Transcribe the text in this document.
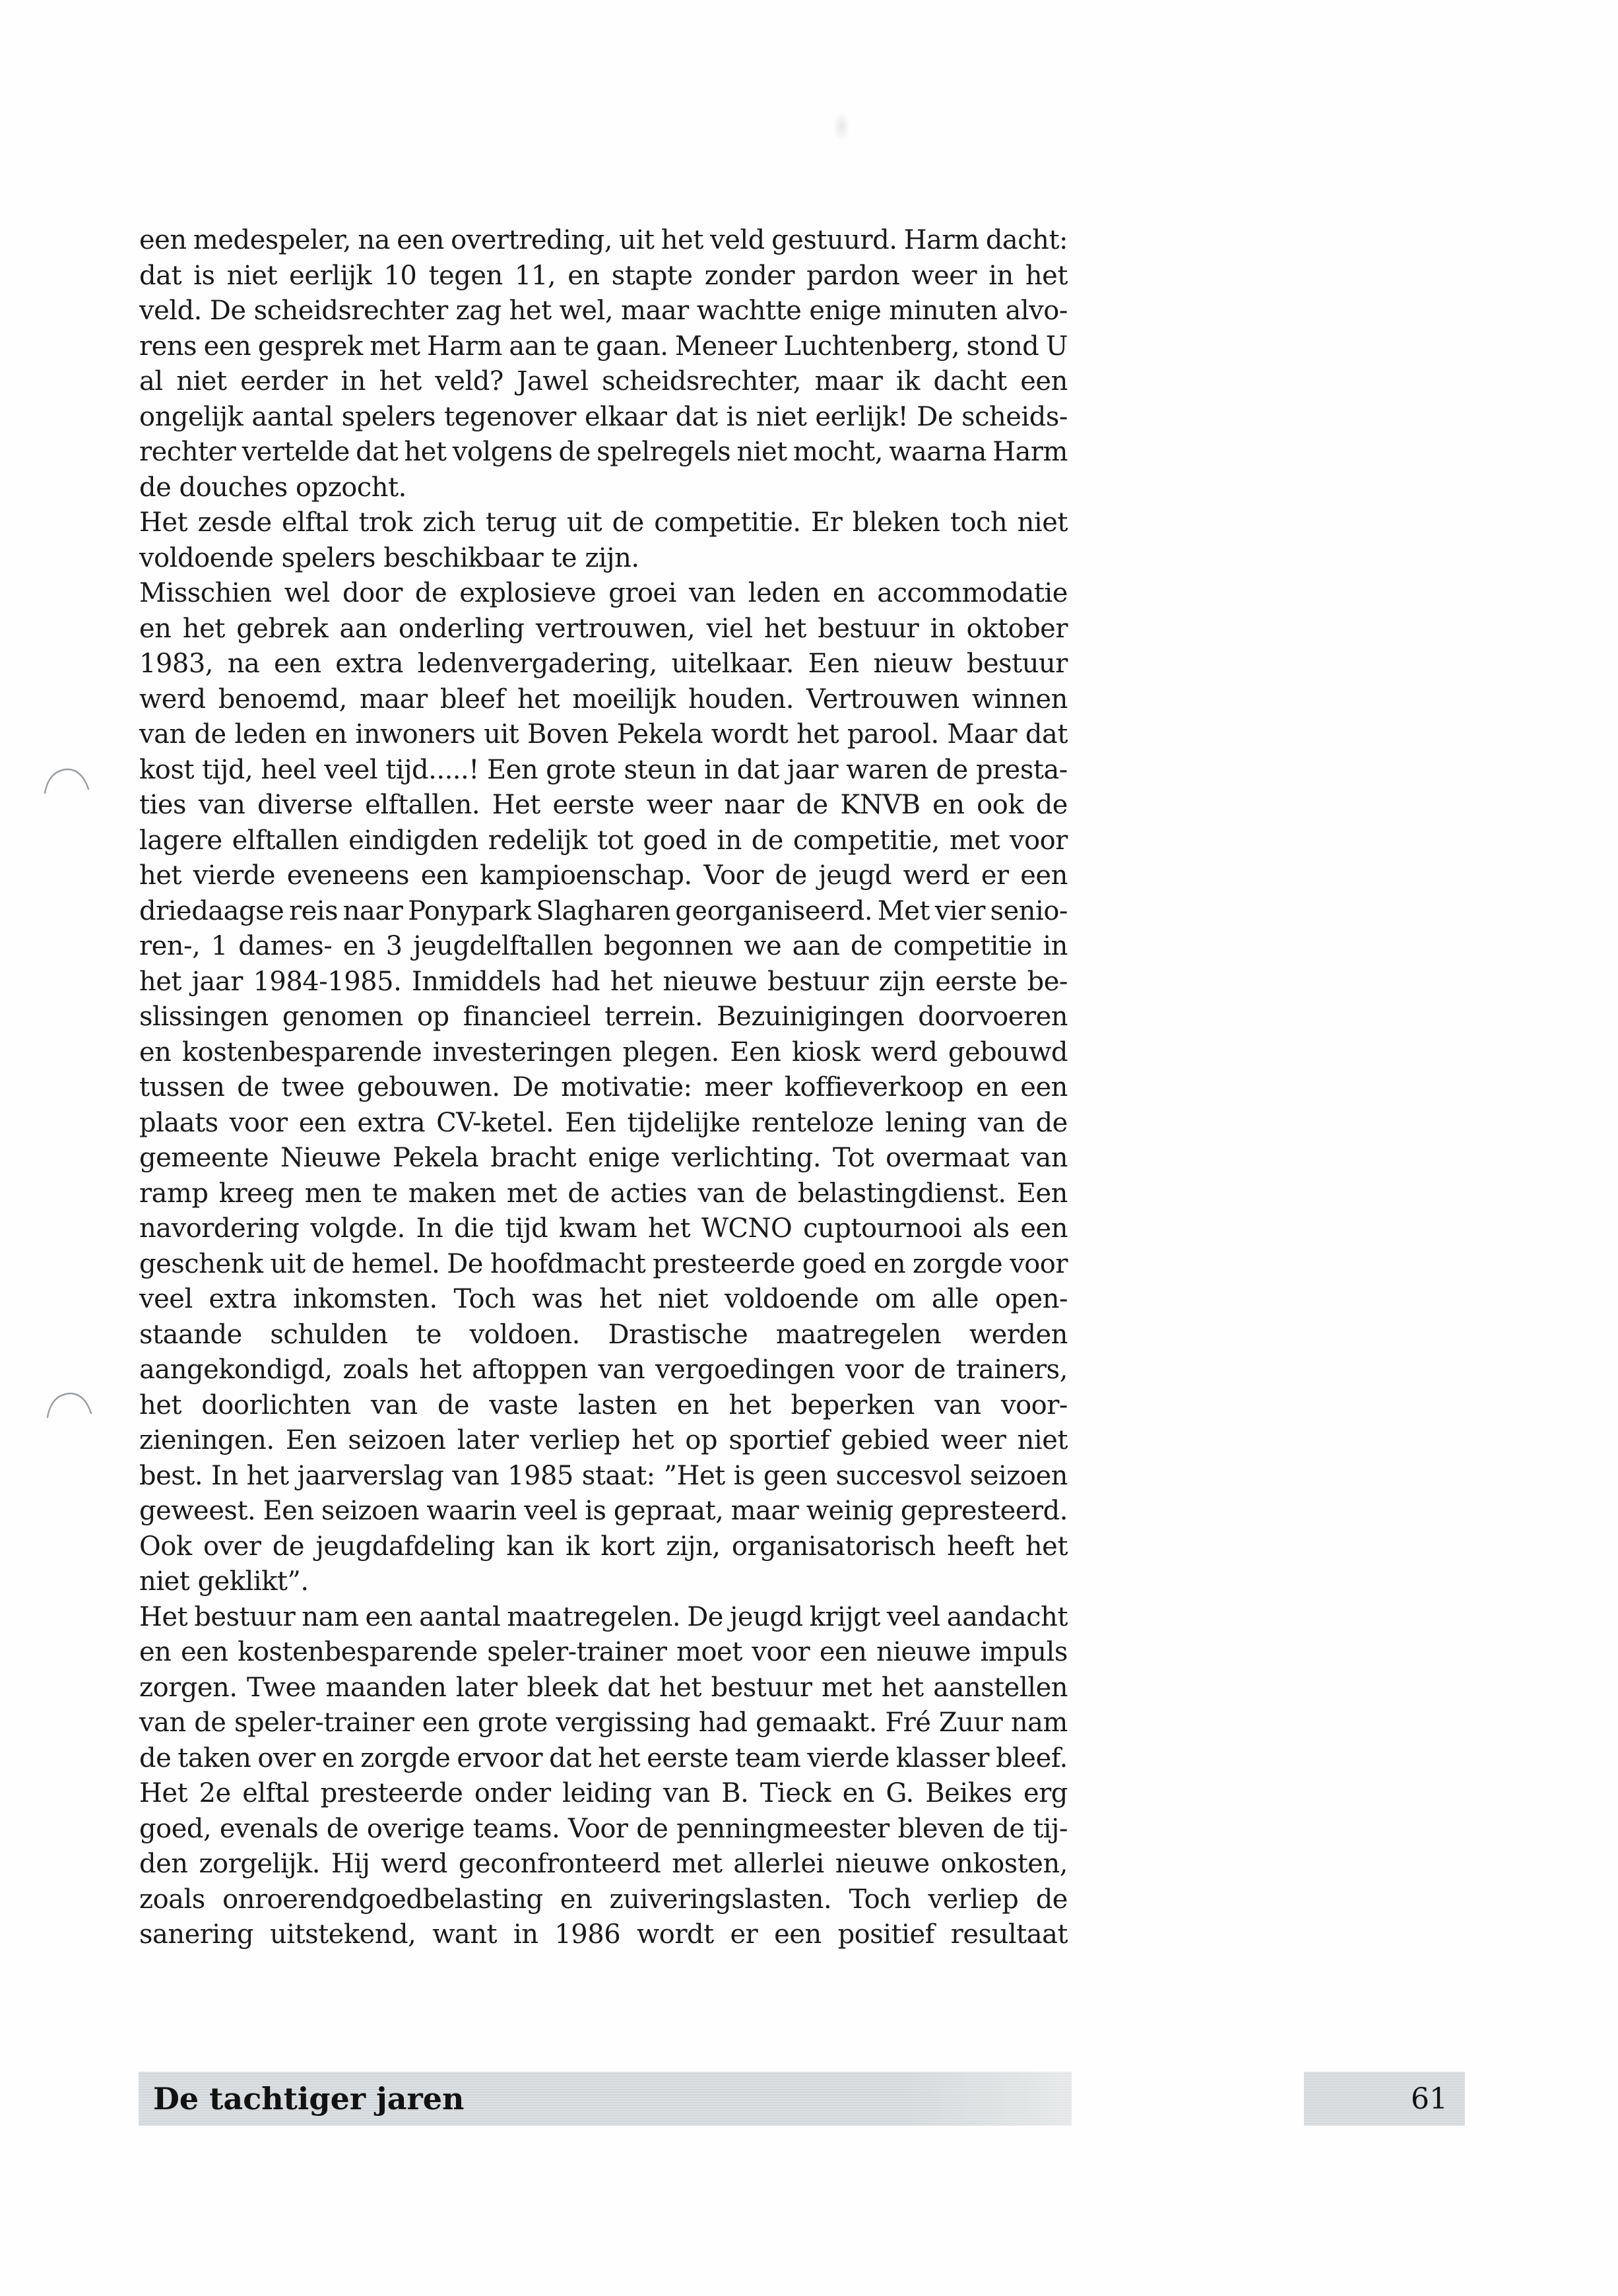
een medespeler, na een overtreding, uit het veld gestuurd. Harm dacht:
dat is niet eerlijk 10 tegen 11, en stapte zonder pardon weer in het
veld. De scheidsrechter zag het wel, maar wachtte enige minuten alvo-
rens een gesprek met Harm aan te gaan. Meneer Luchtenberg, stond U
al niet eerder in het veld? Jawel scheidsrechter, maar ik dacht een
ongelijk aantal spelers tegenover elkaar dat is niet eerlijk! De scheids-
rechter vertelde dat het volgens de spelregels niet mocht, waarna Harm
de douches opzocht.
Het zesde elftal trok zich terug uit de competitie. Er bleken toch niet
voldoende spelers beschikbaar te zijn.
Misschien wel door de explosieve groei van leden en accommodatie
en het gebrek aan onderling vertrouwen, viel het bestuur in oktober
1983, na een extra ledenvergadering, uitelkaar. Een nieuw bestuur
werd benoemd, maar bleef het moeilijk houden. Vertrouwen winnen
van de leden en inwoners uit Boven Pekela wordt het parool. Maar dat
kost tijd, heel veel tijd.....! Een grote steun in dat jaar waren de presta-
ties van diverse elftallen. Het eerste weer naar de KNVB en ook de
lagere elftallen eindigden redelijk tot goed in de competitie, met voor
het vierde eveneens een kampioenschap. Voor de jeugd werd er een
driedaagse reis naar Ponypark Slagharen georganiseerd. Met vier senio-
ren-, 1 dames- en 3 jeugdelftallen begonnen we aan de competitie in
het jaar 1984-1985. Inmiddels had het nieuwe bestuur zijn eerste be-
slissingen genomen op financieel terrein. Bezuinigingen doorvoeren
en kostenbesparende investeringen plegen. Een kiosk werd gebouwd
tussen de twee gebouwen. De motivatie: meer koffieverkoop en een
plaats voor een extra CV-ketel. Een tijdelijke renteloze lening van de
gemeente Nieuwe Pekela bracht enige verlichting. Tot overmaat van
ramp kreeg men te maken met de acties van de belastingdienst. Een
navordering volgde. In die tijd kwam het WCNO cuptournooi als een
geschenk uit de hemel. De hoofdmacht presteerde goed en zorgde voor
veel extra inkomsten. Toch was het niet voldoende om alle open-
staande schulden te voldoen. Drastische maatregelen werden
aangekondigd, zoals het aftoppen van vergoedingen voor de trainers,
het doorlichten van de vaste lasten en het beperken van voor-
zieningen. Een seizoen later verliep het op sportief gebied weer niet
best. In het jaarverslag van 1985 staat: ”Het is geen succesvol seizoen
geweest. Een seizoen waarin veel is gepraat, maar weinig gepresteerd.
Ook over de jeugdafdeling kan ik kort zijn, organisatorisch heeft het
niet geklikt”.
Het bestuur nam een aantal maatregelen. De jeugd krijgt veel aandacht
en een kostenbesparende speler-trainer moet voor een nieuwe impuls
zorgen. Twee maanden later bleek dat het bestuur met het aanstellen
van de speler-trainer een grote vergissing had gemaakt. Fré Zuur nam
de taken over en zorgde ervoor dat het eerste team vierde klasser bleef.
Het 2e elftal presteerde onder leiding van B. Tieck en G. Beikes erg
goed, evenals de overige teams. Voor de penningmeester bleven de tij-
den zorgelijk. Hij werd geconfronteerd met allerlei nieuwe onkosten,
zoals onroerendgoedbelasting en zuiveringslasten. Toch verliep de
sanering uitstekend, want in 1986 wordt er een positief resultaat
De tachtiger jaren	61
